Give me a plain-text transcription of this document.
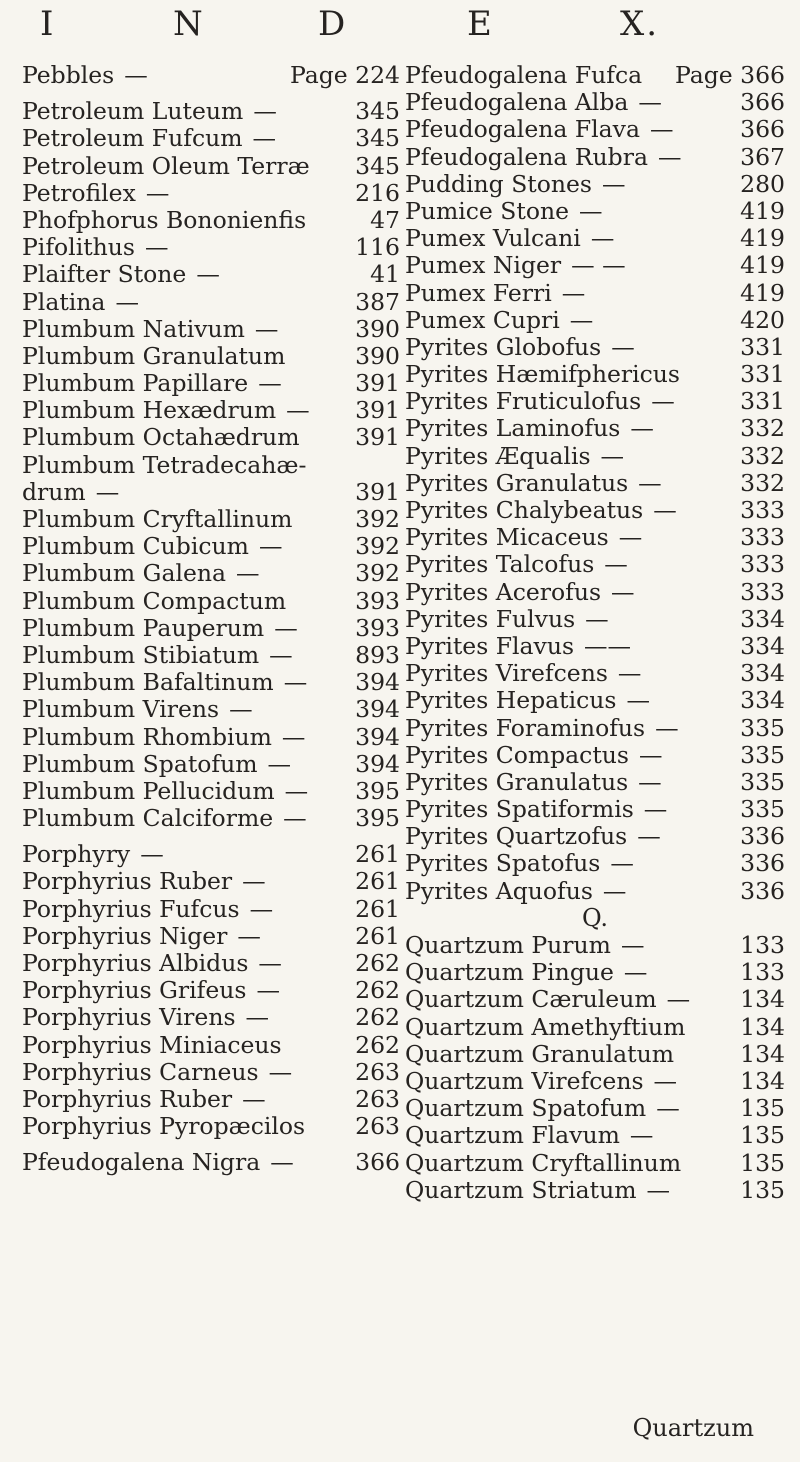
I	N	D	E	X.
Pebbles —	Page 224
Petroleum Luteum —	345
Petroleum Fufcum —	345
Petroleum Oleum Terræ	345
Petrofilex —	216
Phofphorus Bononienfis	47
Pifolithus —	116
Plaifter Stone —	41
Platina —	387
Plumbum Nativum —	390
Plumbum Granulatum	390
Plumbum Papillare —	391
Plumbum Hexædrum — 391
Plumbum Octahædrum	391
Plumbum Tetradecahæ-
drum —	391
Plumbum Cryftallinum	392
Plumbum Cubicum —	392
Plumbum Galena —	392
Plumbum Compactum	393
Plumbum Pauperum — 393
Plumbum Stibiatum —	893
Plumbum Bafaltinum — 394
Plumbum Virens —	394
Plumbum Rhombium — 394
Plumbum Spatofum —	394
Plumbum Pellucidum — 395
Plumbum Calciforme — 395
Porphyry —	261
Porphyrius Ruber —	261
Porphyrius Fufcus —	261
Porphyrius Niger —	261
Porphyrius Albidus —	262
Porphyrius Grifeus —	262
Porphyrius Virens —	262
Porphyrius Miniaceus	262
Porphyrius Carneus —	263
Porphyrius Ruber —	263
Porphyrius Pyropæcilos	263
Pfeudogalena Nigra —	366
Pfeudogalena Fufca	Page 366
Pfeudogalena Alba —	366
Pfeudogalena Flava —	366
Pfeudogalena Rubra — 367
Pudding Stones —	280
Pumice Stone —	419
Pumex Vulcani —	419
Pumex Niger — —	419
Pumex Ferri —	419
Pumex Cupri —	420
Pyrites Globofus —	331
Pyrites Hæmifphericus	331
Pyrites Fruticulofus —	331
Pyrites Laminofus —	332
Pyrites Æqualis —	332
Pyrites Granulatus —	332
Pyrites Chalybeatus —	333
Pyrites Micaceus —	333
Pyrites Talcofus —	333
Pyrites Acerofus —	333
Pyrites Fulvus —	334
Pyrites Flavus ——	334
Pyrites Virefcens —	334
Pyrites Hepaticus —	334
Pyrites Foraminofus —	335
Pyrites Compactus —	335
Pyrites Granulatus —	335
Pyrites Spatiformis —	335
Pyrites Quartzofus —	336
Pyrites Spatofus —	336
Pyrites Aquofus —	336
Q.
Quartzum Purum —	133
Quartzum Pingue —	133
Quartzum Cæruleum — 134
Quartzum Amethyftium	134
Quartzum Granulatum	134
Quartzum Virefcens —	134
Quartzum Spatofum —	135
Quartzum Flavum —	135
Quartzum Cryftallinum	135
Quartzum Striatum —	135
Quartzum
